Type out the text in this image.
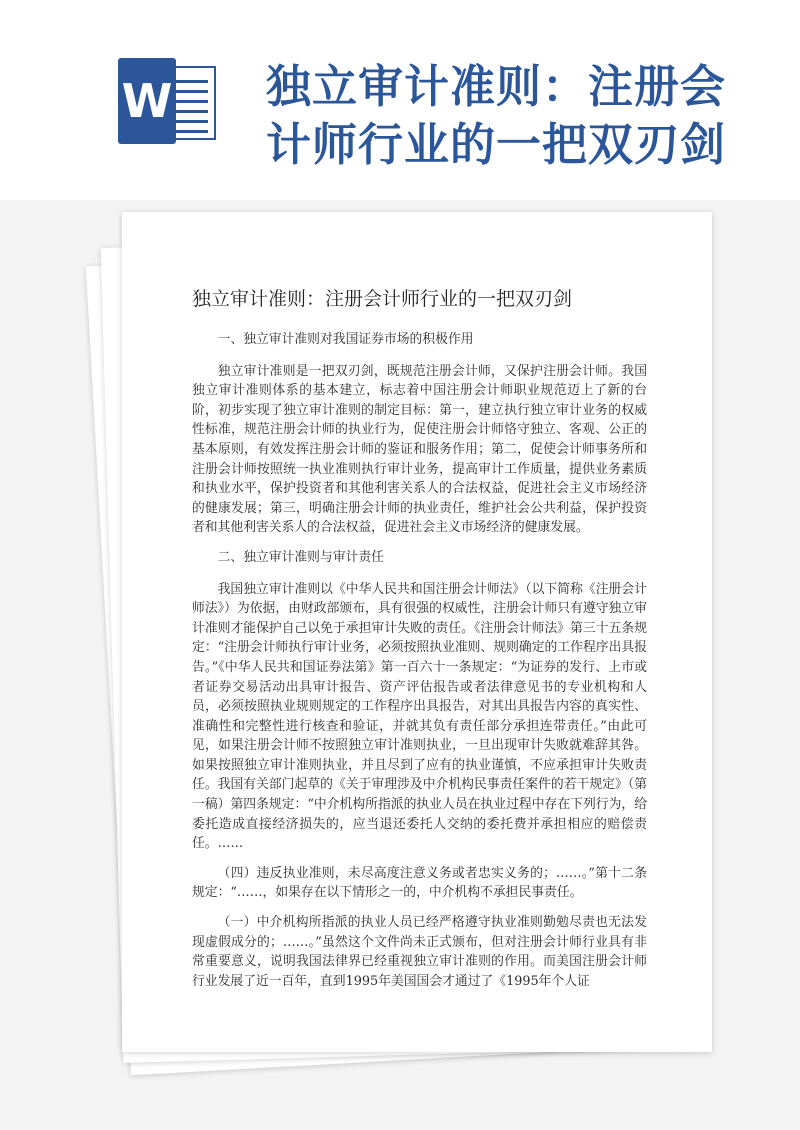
W 独立审计准则：注册会计师行业的一把双刃剑
独立审计准则：注册会计师行业的一把双刃剑

一、独立审计准则对我国证券市场的积极作用

独立审计准则是一把双刃剑，既规范注册会计师，又保护注册会计师。我国独立审计准则体系的基本建立，标志着中国注册会计师职业规范迈上了新的台阶，初步实现了独立审计准则的制定目标：第一，建立执行独立审计业务的权威性标准，规范注册会计师的执业行为，促使注册会计师恪守独立、客观、公正的基本原则，有效发挥注册会计师的鉴证和服务作用；第二，促使会计师事务所和注册会计师按照统一执业准则执行审计业务，提高审计工作质量，提供业务素质和执业水平，保护投资者和其他利害关系人的合法权益，促进社会主义市场经济的健康发展；第三，明确注册会计师的执业责任，维护社会公共利益，保护投资者和其他利害关系人的合法权益，促进社会主义市场经济的健康发展。

二、独立审计准则与审计责任

我国独立审计准则以《中华人民共和国注册会计师法》（以下简称《注册会计师法》）为依据，由财政部颁布，具有很强的权威性，注册会计师只有遵守独立审计准则才能保护自己以免于承担审计失败的责任。《注册会计师法》第三十五条规定：“注册会计师执行审计业务，必须按照执业准则、规则确定的工作程序出具报告。”《中华人民共和国证券法第》第一百六十一条规定：“为证券的发行、上市或者证券交易活动出具审计报告、资产评估报告或者法律意见书的专业机构和人员，必须按照执业规则规定的工作程序出具报告，对其出具报告内容的真实性、准确性和完整性进行核查和验证，并就其负有责任部分承担连带责任。”由此可见，如果注册会计师不按照独立审计准则执业，一旦出现审计失败就难辞其咎。如果按照独立审计准则执业，并且尽到了应有的执业谨慎，不应承担审计失败责任。我国有关部门起草的《关于审理涉及中介机构民事责任案件的若干规定》（第一稿）第四条规定：“中介机构所指派的执业人员在执业过程中存在下列行为，给委托造成直接经济损失的，应当退还委托人交纳的委托费并承担相应的赔偿责任。……

（四）违反执业准则，未尽高度注意义务或者忠实义务的；……。”第十二条规定：“……，如果存在以下情形之一的，中介机构不承担民事责任。

（一）中介机构所指派的执业人员已经严格遵守执业准则勤勉尽责也无法发现虚假成分的；……。”虽然这个文件尚未正式颁布，但对注册会计师行业具有非常重要意义，说明我国法律界已经重视独立审计准则的作用。而美国注册会计师行业发展了近一百年，直到1995年美国国会才通过了《1995年个人证
